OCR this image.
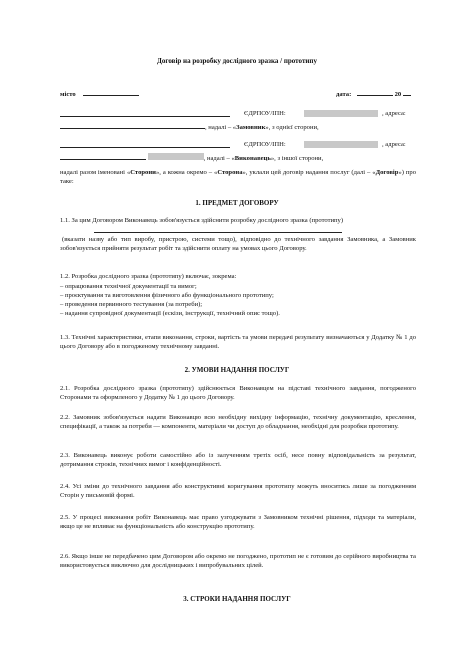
Договір на розробку дослідного зразка / прототипу
місто	дата:	20
ЄДРПОУ/ІПН:	, адреса:
, надалі – «Замовник», з однієї сторони,
ЄДРПОУ/ІПН:	, адреса:
, надалі – «Виконавець», з іншої сторони,
надалі разом іменовані «Сторони», а кожна окремо – «Сторона», уклали цей договір надання послуг (далі – «Договір») про таке:
1. ПРЕДМЕТ ДОГОВОРУ
1.1. За цим Договором Виконавець зобов'язується здійснити розробку дослідного зразка (прототипу)
(вказати назву або тип виробу, пристрою, системи тощо), відповідно до технічного завдання Замовника, а Замовник зобов'язується прийняти результат робіт та здійснити оплату на умовах цього Договору.
1.2. Розробка дослідного зразка (прототипу) включає, зокрема:
– опрацювання технічної документації та вимог;
– проєктування та виготовлення фізичного або функціонального прототипу;
– проведення первинного тестування (за потреби);
– надання супровідної документації (ескізи, інструкції, технічний опис тощо).
1.3. Технічні характеристики, етапи виконання, строки, вартість та умови передачі результату визначаються у Додатку № 1 до цього Договору або в погодженому технічному завданні.
2. УМОВИ НАДАННЯ ПОСЛУГ
2.1. Розробка дослідного зразка (прототипу) здійснюється Виконавцем на підставі технічного завдання, погодженого Сторонами та оформленого у Додатку № 1 до цього Договору.
2.2. Замовник зобов'язується надати Виконавцю всю необхідну вихідну інформацію, технічну документацію, креслення, специфікації, а також за потреби — компоненти, матеріали чи доступ до обладнання, необхідні для розробки прототипу.
2.3. Виконавець виконує роботи самостійно або із залученням третіх осіб, несе повну відповідальність за результат, дотримання строків, технічних вимог і конфіденційності.
2.4. Усі зміни до технічного завдання або конструктивні коригування прототипу можуть вноситись лише за погодженням Сторін у письмовій формі.
2.5. У процесі виконання робіт Виконавець має право узгоджувати з Замовником технічні рішення, підходи та матеріали, якщо це не впливає на функціональність або конструкцію прототипу.
2.6. Якщо інше не передбачено цим Договором або окремо не погоджено, прототип не є готовим до серійного виробництва та використовується виключно для дослідницьких і випробувальних цілей.
3. СТРОКИ НАДАННЯ ПОСЛУГ
